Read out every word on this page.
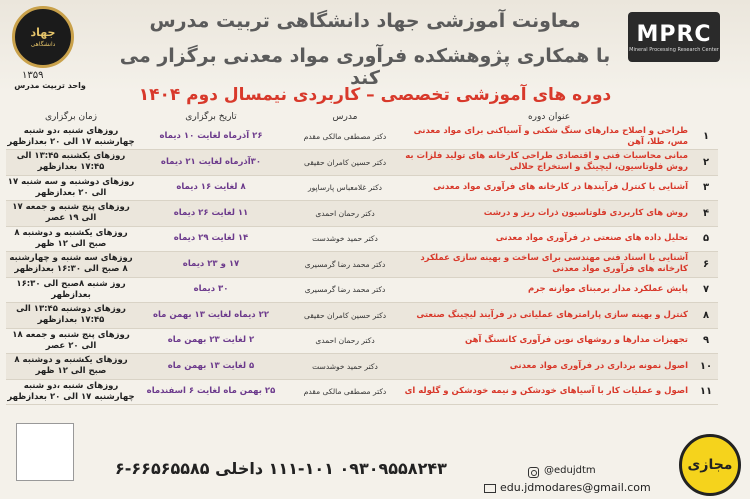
جهاد
دانشگاهی
۱۳۵۹
واحد تربیت مدرس
MPRC
Mineral Processing Research Center
معاونت آموزشی جهاد دانشگاهی تربیت مدرس
با همکاری پژوهشکده فرآوری مواد معدنی برگزار می کند
دوره های آموزشی تخصصی – کاربردی نیمسال دوم ۱۴۰۴
	عنوان دوره	مدرس	تاریخ برگزاری	زمان برگزاری
۱	طراحی و اصلاح مدارهای سنگ شکنی و آسیاکنی برای مواد معدنی مس، طلا، آهن	دکتر مصطفی مالکی مقدم	۲۶ آذرماه لغایت ۱۰ دیماه	روزهای شنبه ،دو شنبه چهارشنبه ۱۷ الی ۲۰ بعدازظهر
۲	مبانی محاسبات فنی و اقتصادی طراحی کارخانه های تولید فلزات به روش فلوتاسیون، لیچینگ و استخراج حلالی	دکتر حسین کامران حقیقی	۳۰آذرماه لغایت ۲۱ دیماه	روزهای یکشنبه ۱۳:۴۵ الی ۱۷:۴۵ بعدازظهر
۳	آشنایی با کنترل فرآیندها در کارخانه های فرآوری مواد معدنی	دکتر غلامعباس پارساپور	۸ لغایت ۱۶ دیماه	روزهای دوشنبه و سه شنبه ۱۷ الی ۲۰ بعدازظهر
۴	روش های کاربردی فلوتاسیون ذرات ریز و درشت	دکتر رحمان احمدی	۱۱ لغایت ۲۶ دیماه	روزهای پنج شنبه و جمعه ۱۷ الی ۱۹ عصر
۵	تحلیل داده های صنعتی در فرآوری مواد معدنی	دکتر حمید خوشدست	۱۴ لغایت ۲۹ دیماه	روزهای یکشنبه و دوشنبه ۸ صبح الی ۱۲ ظهر
۶	آشنایی با اسناد فنی مهندسی برای ساخت و بهینه سازی عملکرد کارخانه های فرآوری مواد معدنی	دکتر محمد رضا گرمسیری	۱۷ و ۲۳ دیماه	روزهای سه شنبه و چهارشنبه ۸ صبح الی ۱۶:۳۰ بعدازظهر
۷	پایش عملکرد مدار برمبنای موازنه جرم	دکتر محمد رضا گرمسیری	۳۰ دیماه	روز شنبه ۸صبح الی ۱۶:۳۰ بعدازظهر
۸	کنترل و بهینه سازی پارامترهای عملیاتی در فرآیند لیچینگ صنعتی	دکتر حسین کامران حقیقی	۲۲ دیماه لغایت ۱۳ بهمن ماه	روزهای دوشنبه ۱۳:۴۵ الی ۱۷:۴۵ بعدازظهر
۹	تجهیزات مدارها و روشهای نوین فرآوری کانسنگ آهن	دکتر رحمان احمدی	۲ لغایت ۲۳ بهمن ماه	روزهای پنج شنبه و جمعه ۱۸ الی ۲۰ عصر
۱۰	اصول نمونه برداری در فرآوری مواد معدنی	دکتر حمید خوشدست	۵ لغایت ۱۳ بهمن ماه	روزهای یکشنبه و دوشنبه ۸ صبح الی ۱۲ ظهر
۱۱	اصول و عملیات کار با آسیاهای خودشکن و نیمه خودشکن و گلوله ای	دکتر مصطفی مالکی مقدم	۲۵ بهمن ماه لغایت ۶ اسفندماه	روزهای شنبه ،دو شنبه چهارشنبه ۱۷ الی ۲۰ بعدازظهر
۰۹۳۰۹۵۵۸۲۴۳ ۱۱۱-۱۰۱ داخلی ۶۶۵۶۵۵۸۵-۶	@edujdtm
edu.jdmodares@gmail.com
مجازی
